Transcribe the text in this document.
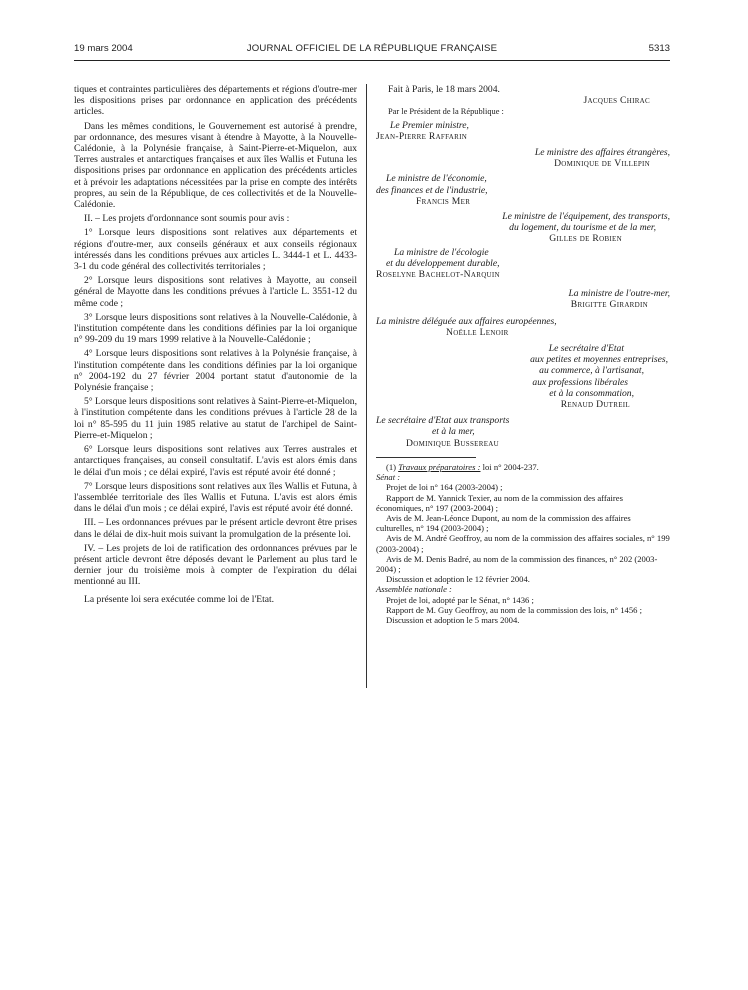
19 mars 2004	JOURNAL OFFICIEL DE LA RÉPUBLIQUE FRANÇAISE	5313

tiques et contraintes particulières des départements et régions d'outre-mer les dispositions prises par ordonnance en application des précédents articles.

Dans les mêmes conditions, le Gouvernement est autorisé à prendre, par ordonnance, des mesures visant à étendre à Mayotte, à la Nouvelle-Calédonie, à la Polynésie française, à Saint-Pierre-et-Miquelon, aux Terres australes et antarctiques françaises et aux îles Wallis et Futuna les dispositions prises par ordonnance en application des précédents articles et à prévoir les adaptations nécessitées par la prise en compte des intérêts propres, au sein de la République, de ces collectivités et de la Nouvelle-Calédonie.

II. – Les projets d'ordonnance sont soumis pour avis :

1° Lorsque leurs dispositions sont relatives aux départements et régions d'outre-mer, aux conseils généraux et aux conseils régionaux intéressés dans les conditions prévues aux articles L. 3444-1 et L. 4433-3-1 du code général des collectivités territoriales ;

2° Lorsque leurs dispositions sont relatives à Mayotte, au conseil général de Mayotte dans les conditions prévues à l'article L. 3551-12 du même code ;

3° Lorsque leurs dispositions sont relatives à la Nouvelle-Calédonie, à l'institution compétente dans les conditions définies par la loi organique n° 99-209 du 19 mars 1999 relative à la Nouvelle-Calédonie ;

4° Lorsque leurs dispositions sont relatives à la Polynésie française, à l'institution compétente dans les conditions définies par la loi organique n° 2004-192 du 27 février 2004 portant statut d'autonomie de la Polynésie française ;

5° Lorsque leurs dispositions sont relatives à Saint-Pierre-et-Miquelon, à l'institution compétente dans les conditions prévues à l'article 28 de la loi n° 85-595 du 11 juin 1985 relative au statut de l'archipel de Saint-Pierre-et-Miquelon ;

6° Lorsque leurs dispositions sont relatives aux Terres australes et antarctiques françaises, au conseil consultatif. L'avis est alors émis dans le délai d'un mois ; ce délai expiré, l'avis est réputé avoir été donné ;

7° Lorsque leurs dispositions sont relatives aux îles Wallis et Futuna, à l'assemblée territoriale des îles Wallis et Futuna. L'avis est alors émis dans le délai d'un mois ; ce délai expiré, l'avis est réputé avoir été donné.

III. – Les ordonnances prévues par le présent article devront être prises dans le délai de dix-huit mois suivant la promulgation de la présente loi.

IV. – Les projets de loi de ratification des ordonnances prévues par le présent article devront être déposés devant le Parlement au plus tard le dernier jour du troisième mois à compter de l'expiration du délai mentionné au III.

La présente loi sera exécutée comme loi de l'Etat.

Fait à Paris, le 18 mars 2004.
Jacques Chirac
Par le Président de la République :
Le Premier ministre,
Jean-Pierre Raffarin
Le ministre des affaires étrangères,
Dominique de Villepin
Le ministre de l'économie,
des finances et de l'industrie,
Francis Mer
Le ministre de l'équipement, des transports,
du logement, du tourisme et de la mer,
Gilles de Robien
La ministre de l'écologie
et du développement durable,
Roselyne Bachelot-Narquin
La ministre de l'outre-mer,
Brigitte Girardin
La ministre déléguée aux affaires européennes,
Noëlle Lenoir
Le secrétaire d'Etat
aux petites et moyennes entreprises,
au commerce, à l'artisanat,
aux professions libérales
et à la consommation,
Renaud Dutreil
Le secrétaire d'Etat aux transports
et à la mer,
Dominique Bussereau
(1) Travaux préparatoires : loi n° 2004-237.
Sénat :
Projet de loi n° 164 (2003-2004) ;
Rapport de M. Yannick Texier, au nom de la commission des affaires économiques, n° 197 (2003-2004) ;
Avis de M. Jean-Léonce Dupont, au nom de la commission des affaires culturelles, n° 194 (2003-2004) ;
Avis de M. André Geoffroy, au nom de la commission des affaires sociales, n° 199 (2003-2004) ;
Avis de M. Denis Badré, au nom de la commission des finances, n° 202 (2003-2004) ;
Discussion et adoption le 12 février 2004.
Assemblée nationale :
Projet de loi, adopté par le Sénat, n° 1436 ;
Rapport de M. Guy Geoffroy, au nom de la commission des lois, n° 1456 ;
Discussion et adoption le 5 mars 2004.
